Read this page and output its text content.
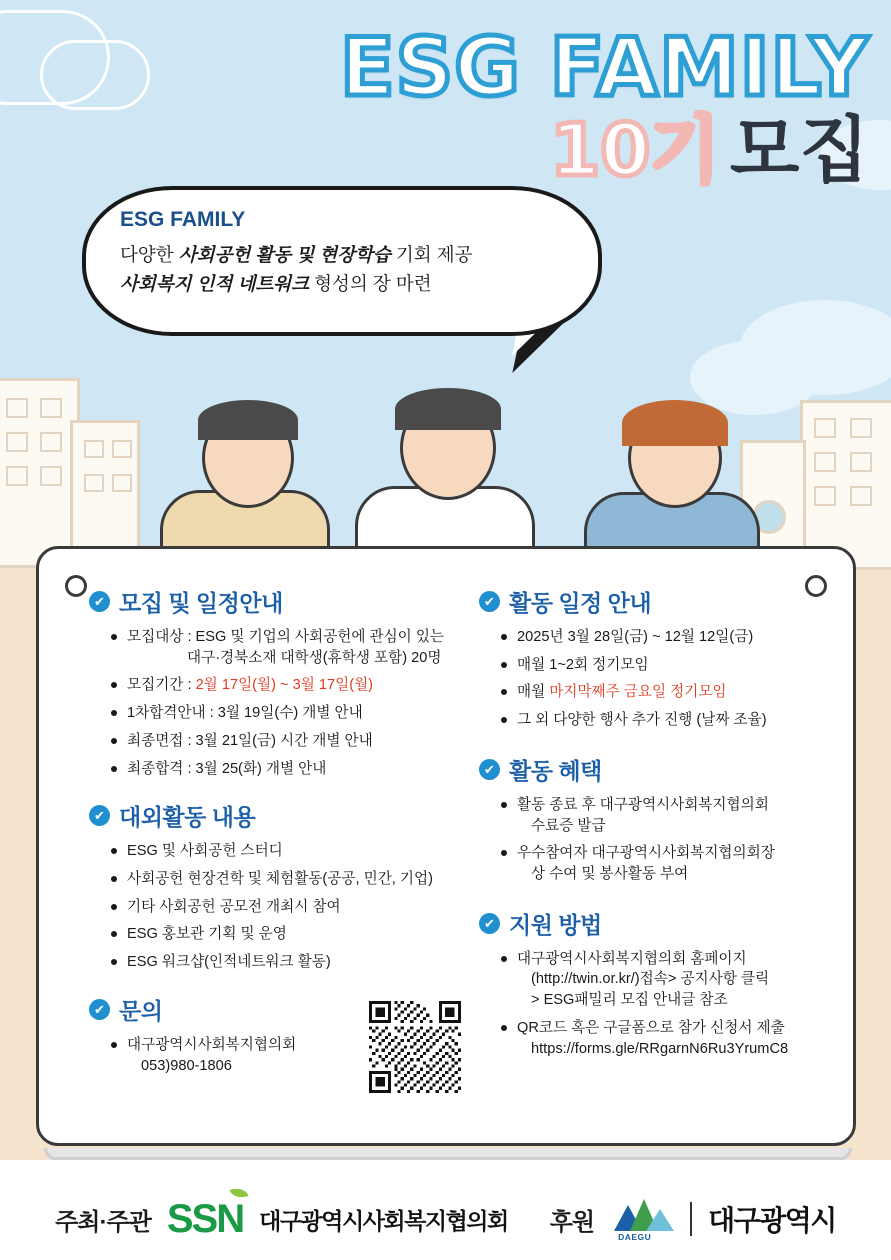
ESG FAMILY
10기 모집
ESG FAMILY
다양한 사회공헌 활동 및 현장학습 기회 제공
사회복지 인적 네트워크 형성의 장 마련
✔ 모집 및 일정안내
모집대상 : ESG 및 기업의 사회공헌에 관심이 있는
대구·경북소재 대학생(휴학생 포함) 20명
모집기간 : 2월 17일(월) ~ 3월 17일(월)
1차합격안내 : 3월 19일(수) 개별 안내
최종면접 : 3월 21일(금) 시간 개별 안내
최종합격 : 3월 25(화) 개별 안내
✔ 대외활동 내용
ESG 및 사회공헌 스터디
사회공헌 현장견학 및 체험활동(공공, 민간, 기업)
기타 사회공헌 공모전 개최시 참여
ESG 홍보관 기획 및 운영
ESG 워크샵(인적네트워크 활동)
✔ 문의
대구광역시사회복지협의회
053)980-1806
✔ 활동 일정 안내
2025년 3월 28일(금) ~ 12월 12일(금)
매월 1~2회 정기모임
매월 마지막째주 금요일 정기모임
그 외 다양한 행사 추가 진행 (날짜 조율)
✔ 활동 혜택
활동 종료 후 대구광역시사회복지협의회
수료증 발급
우수참여자 대구광역시사회복지협의회장
상 수여 및 봉사활동 부여
✔ 지원 방법
대구광역시사회복지협의회 홈페이지
(http://twin.or.kr/)접속> 공지사항 클릭
> ESG패밀리 모집 안내글 참조
QR코드 혹은 구글폼으로 참가 신청서 제출
https://forms.gle/RRgarnN6Ru3YrumC8
주최·주관 SSN 대구광역시사회복지협의회 후원
DAEGU
대구광역시
